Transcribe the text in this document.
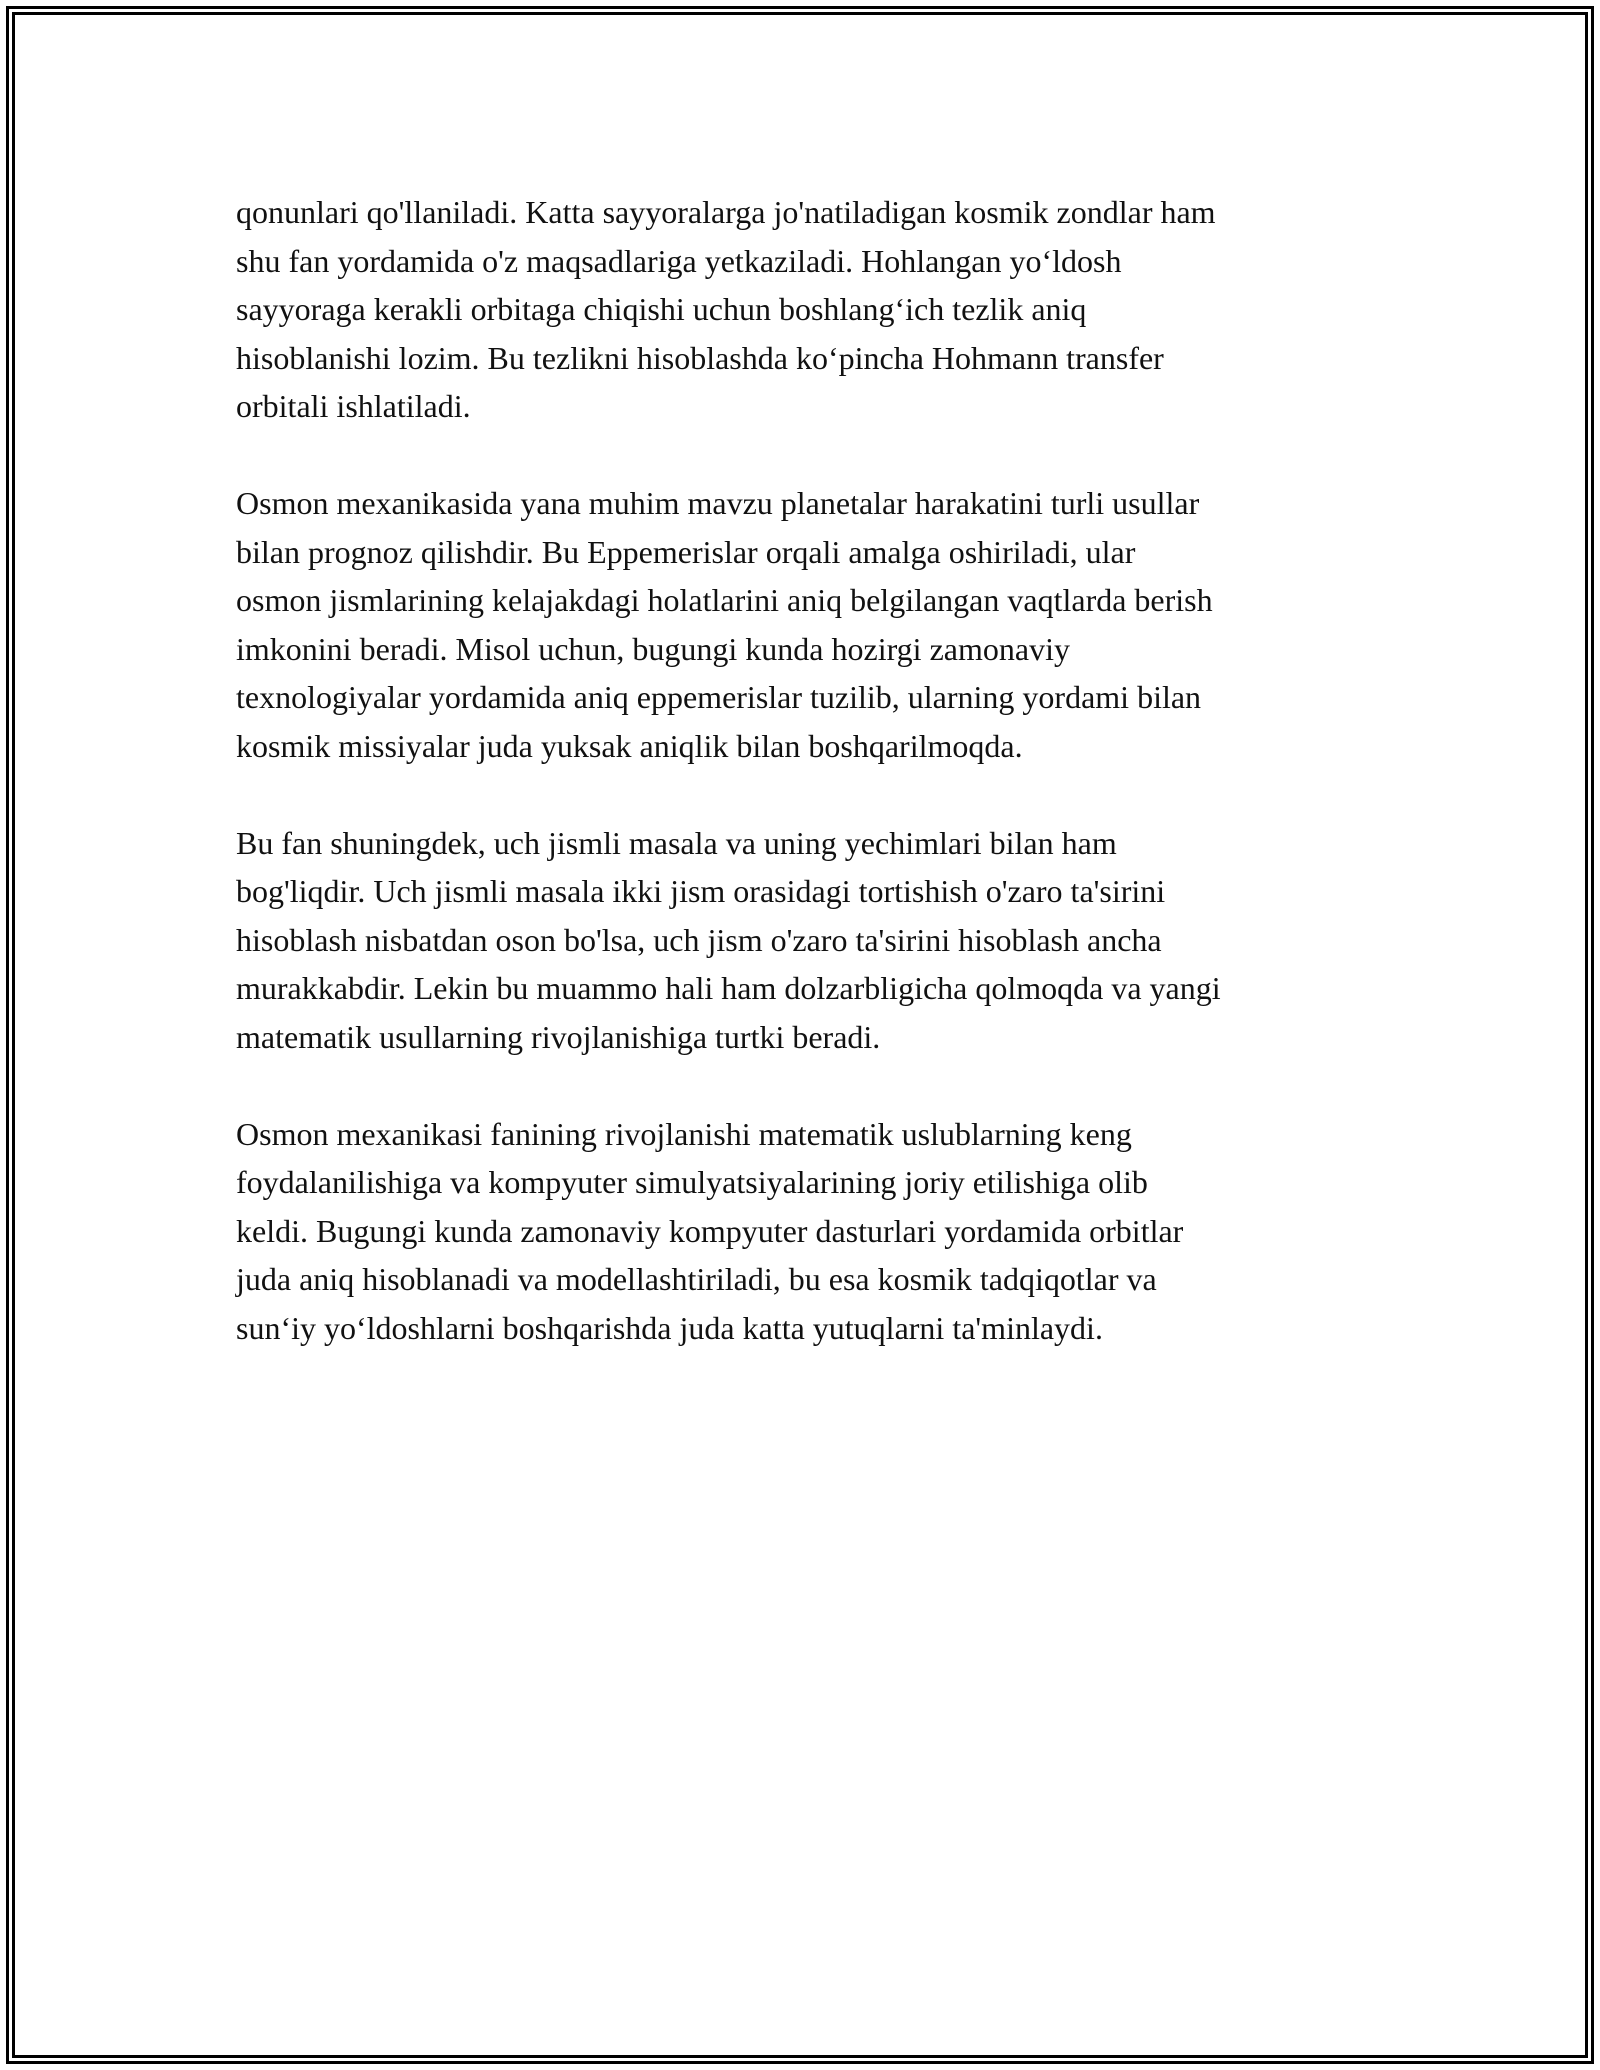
qonunlari qo'llaniladi. Katta sayyoralarga jo'natiladigan kosmik zondlar ham
shu fan yordamida o'z maqsadlariga yetkaziladi. Hohlangan yo‘ldosh
sayyoraga kerakli orbitaga chiqishi uchun boshlang‘ich tezlik aniq
hisoblanishi lozim. Bu tezlikni hisoblashda ko‘pincha Hohmann transfer
orbitali ishlatiladi.

Osmon mexanikasida yana muhim mavzu planetalar harakatini turli usullar
bilan prognoz qilishdir. Bu Eppemerislar orqali amalga oshiriladi, ular
osmon jismlarining kelajakdagi holatlarini aniq belgilangan vaqtlarda berish
imkonini beradi. Misol uchun, bugungi kunda hozirgi zamonaviy
texnologiyalar yordamida aniq eppemerislar tuzilib, ularning yordami bilan
kosmik missiyalar juda yuksak aniqlik bilan boshqarilmoqda.

Bu fan shuningdek, uch jismli masala va uning yechimlari bilan ham
bog'liqdir. Uch jismli masala ikki jism orasidagi tortishish o'zaro ta'sirini
hisoblash nisbatdan oson bo'lsa, uch jism o'zaro ta'sirini hisoblash ancha
murakkabdir. Lekin bu muammo hali ham dolzarbligicha qolmoqda va yangi
matematik usullarning rivojlanishiga turtki beradi.

Osmon mexanikasi fanining rivojlanishi matematik uslublarning keng
foydalanilishiga va kompyuter simulyatsiyalarining joriy etilishiga olib
keldi. Bugungi kunda zamonaviy kompyuter dasturlari yordamida orbitlar
juda aniq hisoblanadi va modellashtiriladi, bu esa kosmik tadqiqotlar va
sun‘iy yo‘ldoshlarni boshqarishda juda katta yutuqlarni ta'minlaydi.
